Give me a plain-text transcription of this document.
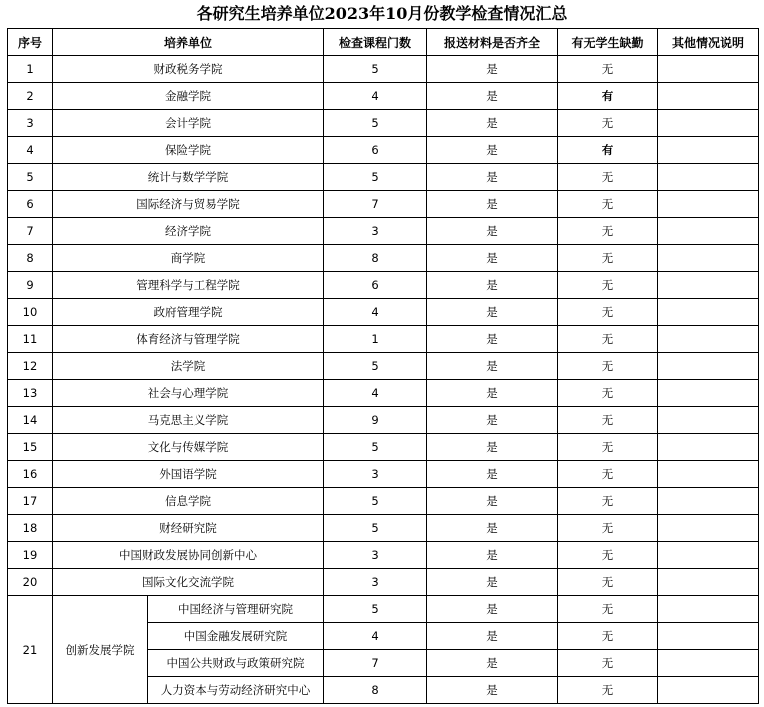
各研究生培养单位2023年10月份教学检查情况汇总
序号	培养单位		检查课程门数	报送材料是否齐全	有无学生缺勤	其他情况说明
1	财政税务学院		5	是	无	
2	金融学院		4	是	有	
3	会计学院		5	是	无	
4	保险学院		6	是	有	
5	统计与数学学院		5	是	无	
6	国际经济与贸易学院		7	是	无	
7	经济学院		3	是	无	
8	商学院		8	是	无	
9	管理科学与工程学院		6	是	无	
10	政府管理学院		4	是	无	
11	体育经济与管理学院		1	是	无	
12	法学院		5	是	无	
13	社会与心理学院		4	是	无	
14	马克思主义学院		9	是	无	
15	文化与传媒学院		5	是	无	
16	外国语学院		3	是	无	
17	信息学院		5	是	无	
18	财经研究院		5	是	无	
19	中国财政发展协同创新中心		3	是	无	
20	国际文化交流学院		3	是	无	
21	创新发展学院	中国经济与管理研究院	5	是	无	
		中国金融发展研究院	4	是	无	
		中国公共财政与政策研究院	7	是	无	
		人力资本与劳动经济研究中心	8	是	无	
